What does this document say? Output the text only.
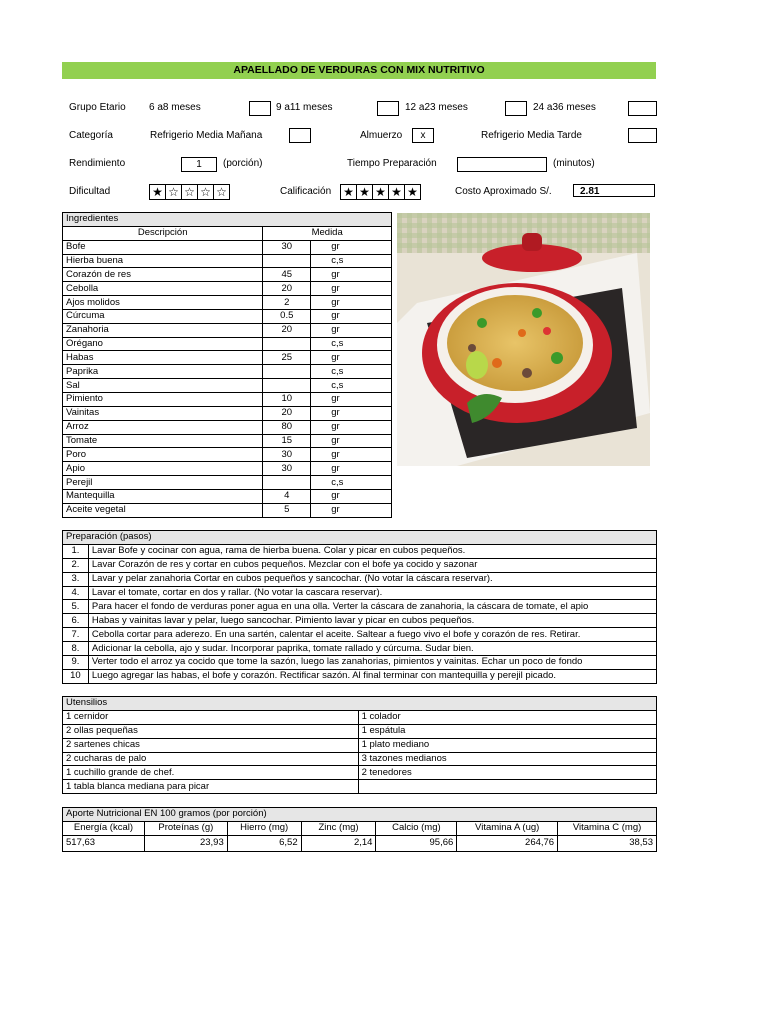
APAELLADO DE VERDURAS CON MIX NUTRITIVO
Grupo Etario 6 a8 meses	9 a11 meses	12 a23 meses	24 a36 meses
Categoría	Refrigerio Media Mañana	Almuerzo	x	Refrigerio Media Tarde
Rendimiento	1	(porción)	Tiempo Preparación	(minutos)
Dificultad	★ ☆ ☆ ☆ ☆	Calificación ★ ★ ★ ★ ★	Costo Aproximado S/.	2.81
Ingredientes		
Descripción	Medida	
Bofe	30	gr
Hierba buena		c,s
Corazón de res	45	gr
Cebolla	20	gr
Ajos molidos	2	gr
Cúrcuma	0.5	gr
Zanahoria	20	gr
Orégano		c,s
Habas	25	gr
Paprika		c,s
Sal		c,s
Pimiento	10	gr
Vainitas	20	gr
Arroz	80	gr
Tomate	15	gr
Poro	30	gr
Apio	30	gr
Perejil		c,s
Mantequilla	4	gr
Aceite vegetal	5	gr
Preparación (pasos)	
1.	Lavar Bofe y cocinar con agua, rama de hierba buena. Colar y picar en cubos pequeños.
2.	Lavar Corazón de res y cortar en cubos pequeños. Mezclar con el bofe ya cocido y sazonar
3.	Lavar y pelar zanahoria Cortar en cubos pequeños y sancochar. (No votar la cáscara reservar).
4.	Lavar el tomate, cortar en dos y rallar. (No votar la cascara reservar).
5.	Para hacer el fondo de verduras poner agua en una olla. Verter la cáscara de zanahoria, la cáscara de tomate, el apio
6.	Habas y vainitas lavar y pelar, luego sancochar. Pimiento lavar y picar en cubos pequeños.
7.	Cebolla cortar para aderezo. En una sartén, calentar el aceite. Saltear a fuego vivo el bofe y corazón de res. Retirar.
8.	Adicionar la cebolla, ajo y sudar. Incorporar paprika, tomate rallado y cúrcuma. Sudar bien.
9.	Verter todo el arroz ya cocido que tome la sazón, luego las zanahorias, pimientos y vainitas. Echar un poco de fondo
10	Luego agregar las habas, el bofe y corazón. Rectificar sazón. Al final terminar con mantequilla y perejil picado.
Utensilios	
1 cernidor	1 colador
2 ollas pequeñas	1 espátula
2 sartenes chicas	1 plato mediano
2 cucharas de palo	3 tazones medianos
1 cuchillo grande de chef.	2 tenedores
1 tabla blanca mediana para picar	
Aporte Nutricional EN 100 gramos (por porción)						
Energía (kcal)	Proteínas (g)	Hierro (mg)	Zinc (mg)	Calcio (mg)	Vitamina A (ug)	Vitamina C (mg)
517,63	23,93	6,52	2,14	95,66	264,76	38,53
